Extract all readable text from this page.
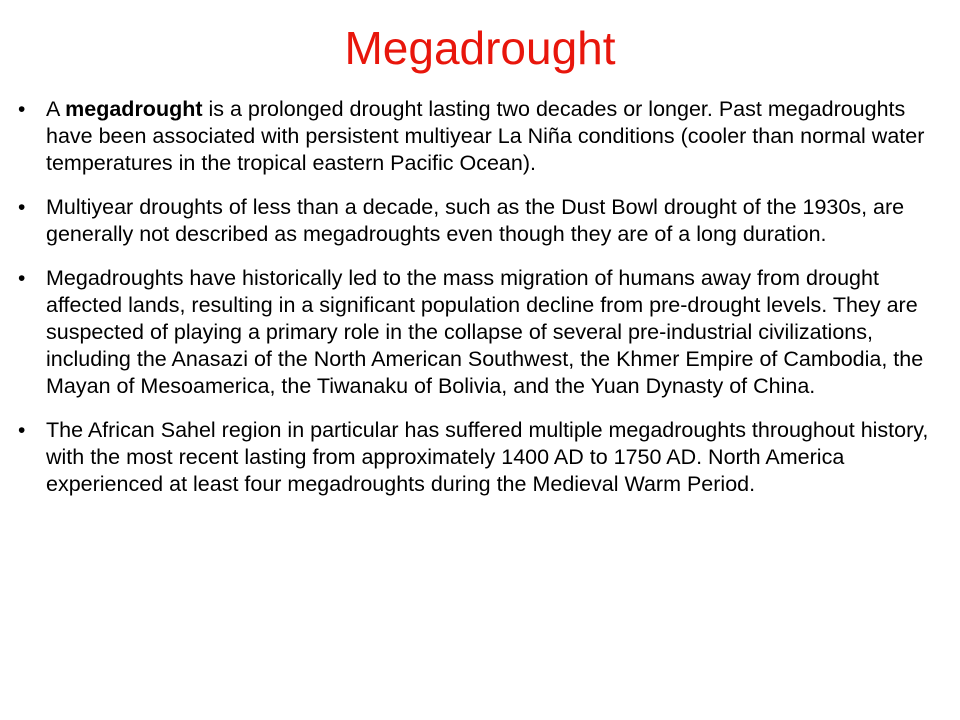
Megadrought
• A megadrought is a prolonged drought lasting two decades or longer. Past megadroughts have been associated with persistent multiyear La Niña conditions (cooler than normal water temperatures in the tropical eastern Pacific Ocean).
• Multiyear droughts of less than a decade, such as the Dust Bowl drought of the 1930s, are generally not described as megadroughts even though they are of a long duration.
• Megadroughts have historically led to the mass migration of humans away from drought affected lands, resulting in a significant population decline from pre-drought levels. They are suspected of playing a primary role in the collapse of several pre-industrial civilizations, including the Anasazi of the North American Southwest, the Khmer Empire of Cambodia, the Mayan of Mesoamerica, the Tiwanaku of Bolivia, and the Yuan Dynasty of China.
• The African Sahel region in particular has suffered multiple megadroughts throughout history, with the most recent lasting from approximately 1400 AD to 1750 AD. North America experienced at least four megadroughts during the Medieval Warm Period.
